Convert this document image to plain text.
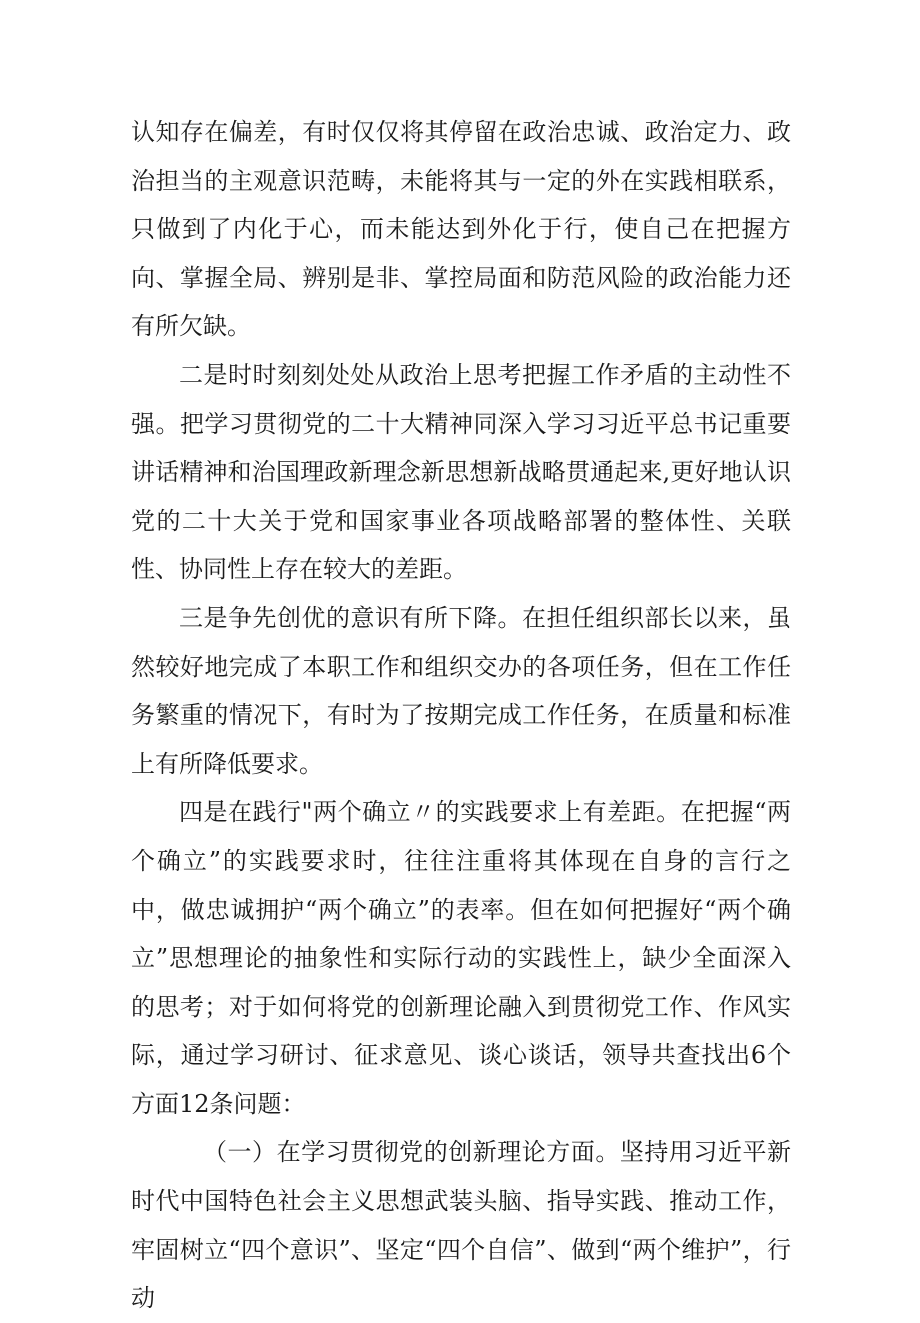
认知存在偏差，有时仅仅将其停留在政治忠诚、政治定力、政治担当的主观意识范畴，未能将其与一定的外在实践相联系，只做到了内化于心，而未能达到外化于行，使自己在把握方向、掌握全局、辨别是非、掌控局面和防范风险的政治能力还有所欠缺。

二是时时刻刻处处从政治上思考把握工作矛盾的主动性不强。把学习贯彻党的二十大精神同深入学习习近平总书记重要讲话精神和治国理政新理念新思想新战略贯通起来,更好地认识党的二十大关于党和国家事业各项战略部署的整体性、关联性、协同性上存在较大的差距。

三是争先创优的意识有所下降。在担任组织部长以来，虽然较好地完成了本职工作和组织交办的各项任务，但在工作任务繁重的情况下，有时为了按期完成工作任务，在质量和标准上有所降低要求。

四是在践行"两个确立〃的实践要求上有差距。在把握“两个确立”的实践要求时，往往注重将其体现在自身的言行之中，做忠诚拥护“两个确立”的表率。但在如何把握好“两个确立”思想理论的抽象性和实际行动的实践性上，缺少全面深入的思考；对于如何将党的创新理论融入到贯彻党工作、作风实际，通过学习研讨、征求意见、谈心谈话，领导共查找出6个方面12条问题：

（一）在学习贯彻党的创新理论方面。坚持用习近平新时代中国特色社会主义思想武装头脑、指导实践、推动工作，牢固树立“四个意识”、坚定“四个自信”、做到“两个维护”，行动
